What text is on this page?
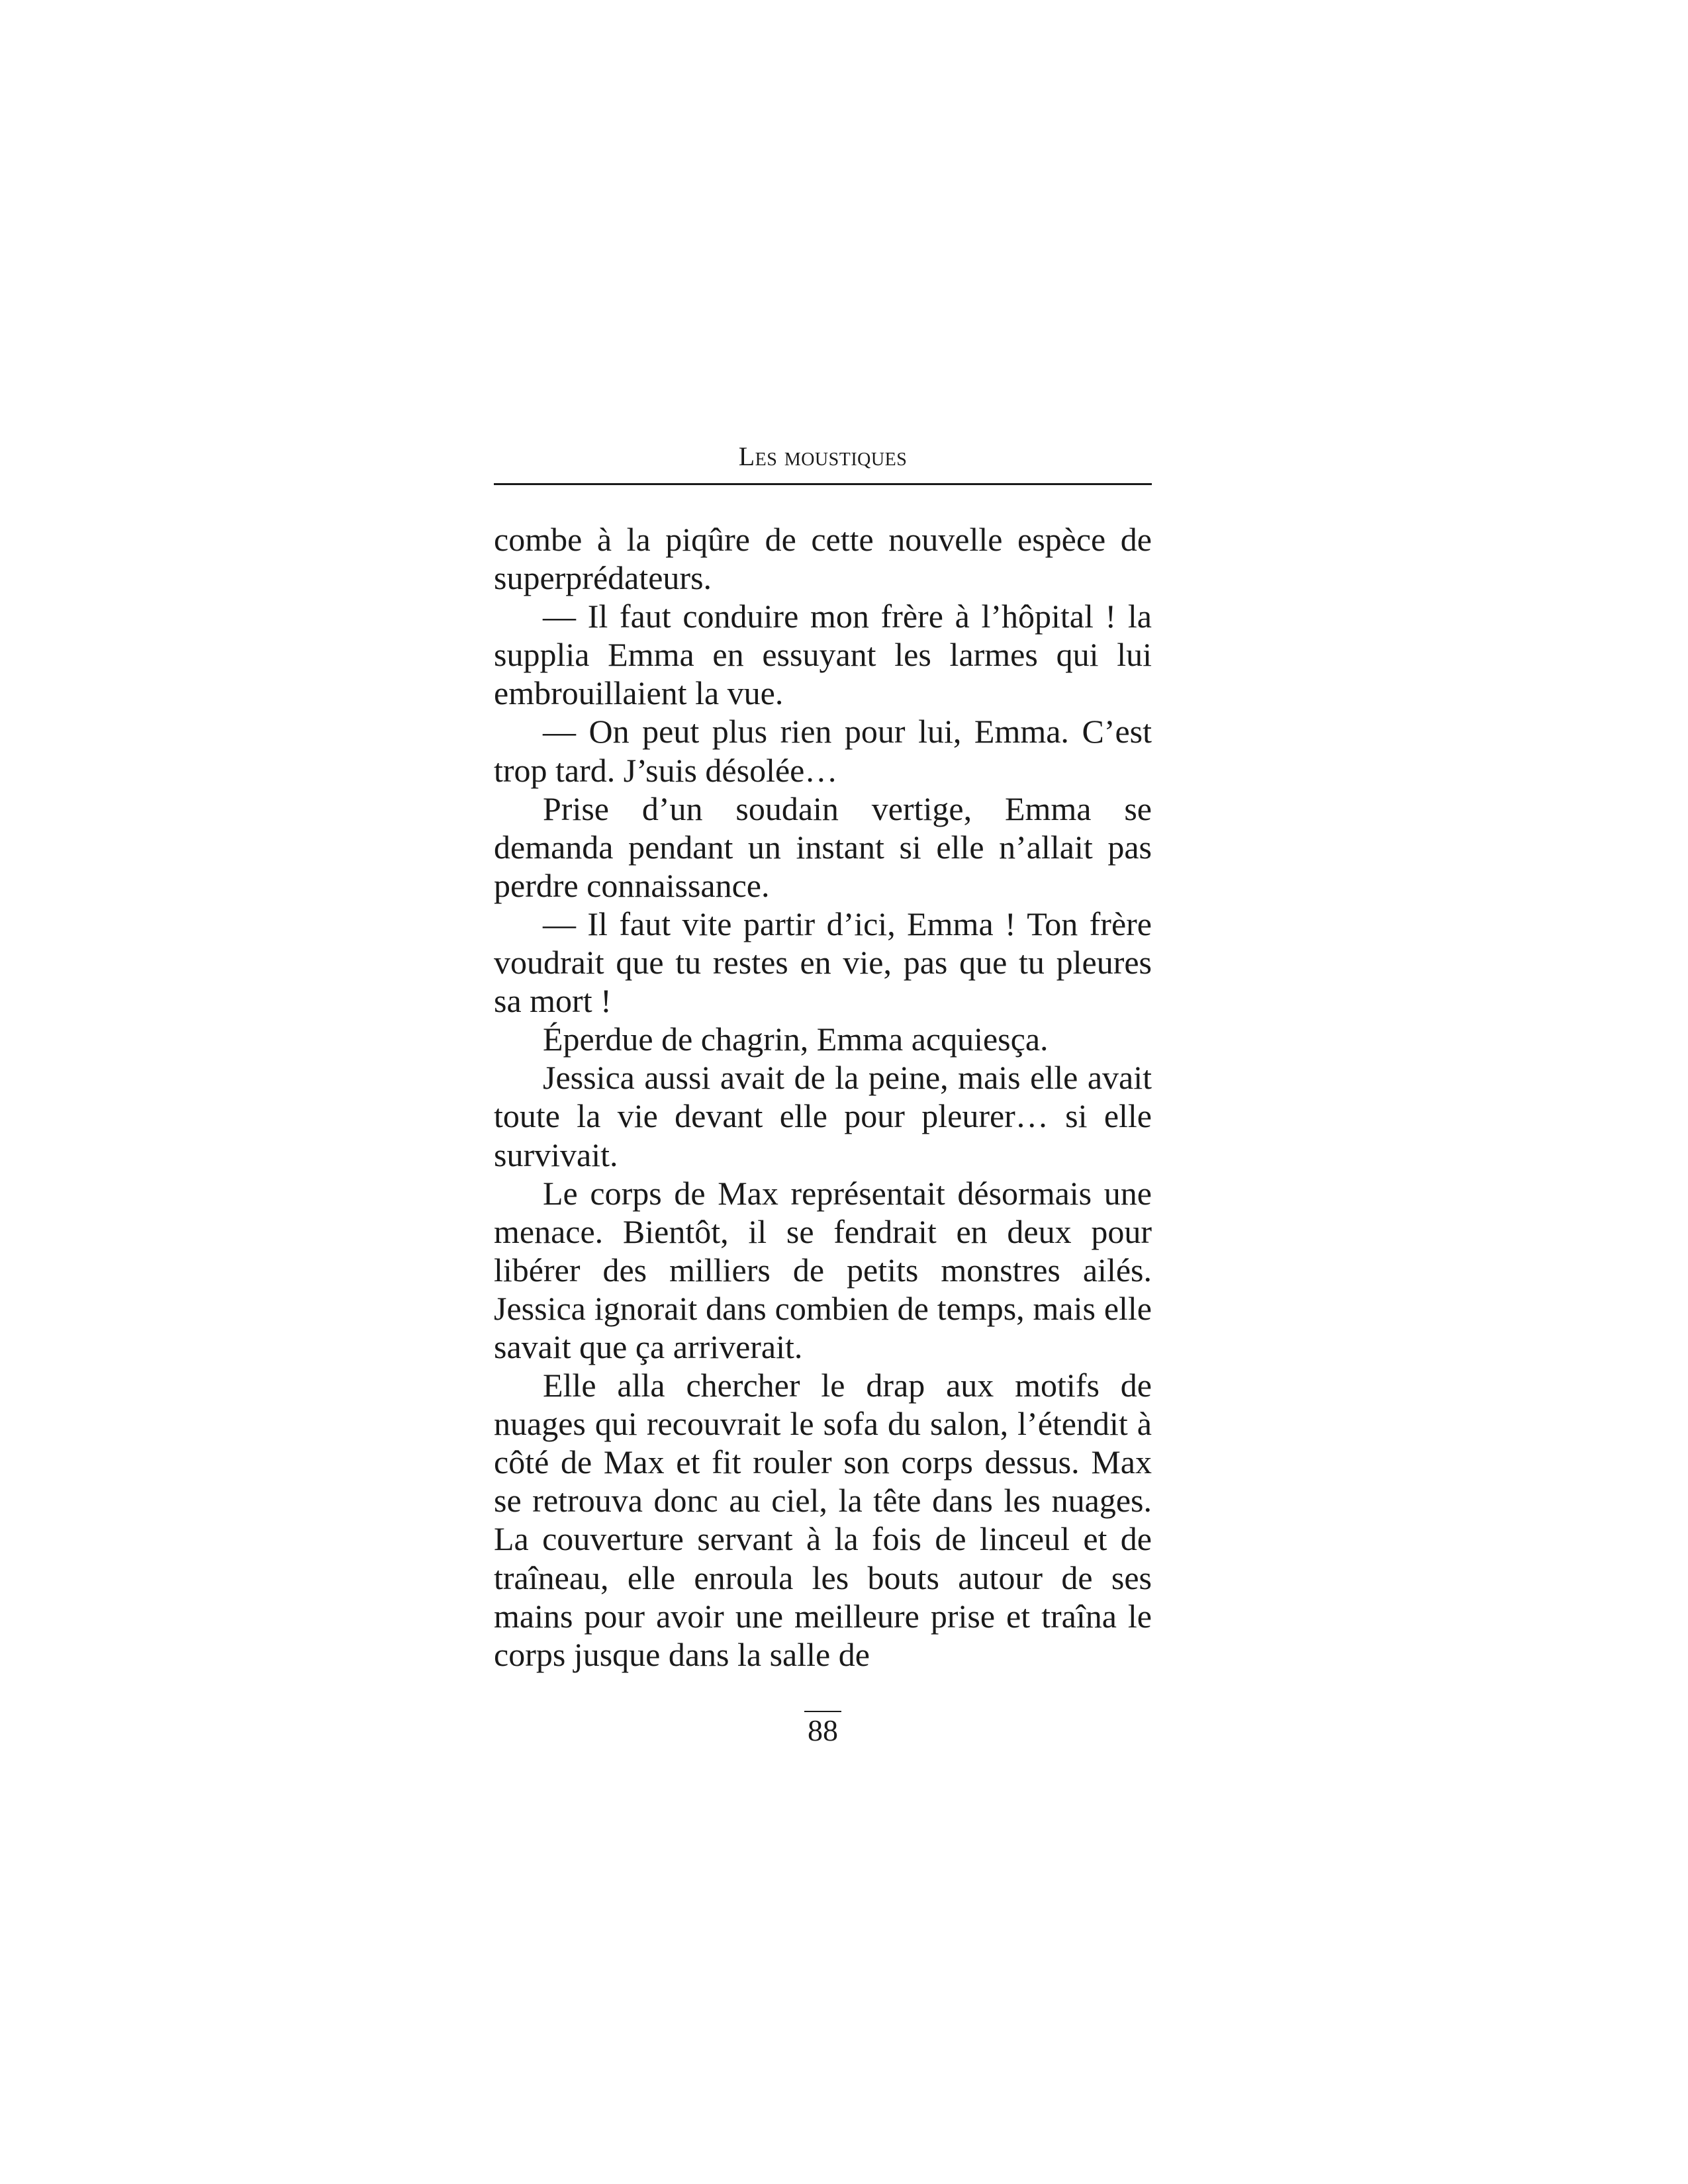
Les moustiques

combe à la piqûre de cette nouvelle espèce de superprédateurs.

— Il faut conduire mon frère à l’hôpital ! la supplia Emma en essuyant les larmes qui lui embrouillaient la vue.

— On peut plus rien pour lui, Emma. C’est trop tard. J’suis désolée…

Prise d’un soudain vertige, Emma se demanda pendant un instant si elle n’allait pas perdre connaissance.

— Il faut vite partir d’ici, Emma ! Ton frère voudrait que tu restes en vie, pas que tu pleures sa mort !

Éperdue de chagrin, Emma acquiesça.

Jessica aussi avait de la peine, mais elle avait toute la vie devant elle pour pleurer… si elle survivait.

Le corps de Max représentait désormais une menace. Bientôt, il se fendrait en deux pour libérer des milliers de petits monstres ailés. Jessica ignorait dans combien de temps, mais elle savait que ça arriverait.

Elle alla chercher le drap aux motifs de nuages qui recouvrait le sofa du salon, l’étendit à côté de Max et fit rouler son corps dessus. Max se retrouva donc au ciel, la tête dans les nuages. La couverture servant à la fois de linceul et de traîneau, elle enroula les bouts autour de ses mains pour avoir une meilleure prise et traîna le corps jusque dans la salle de

88
